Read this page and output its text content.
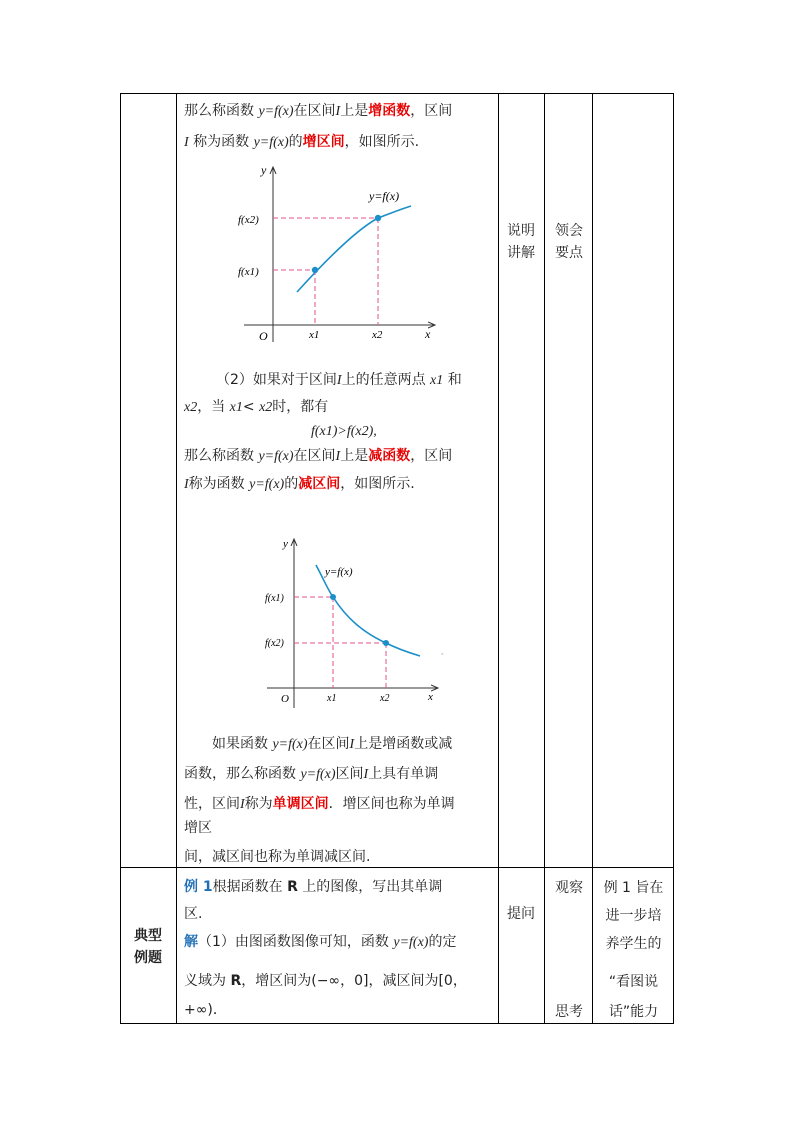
那么称函数 y=f(x)在区间I上是增函数，区间
I 称为函数 y=f(x)的增区间，如图所示.
说明
讲解
领会
要点
y
x
O
y=f(x)
f(x2)
f(x1)
x1	x2
（2）如果对于区间I上的任意两点 x1 和
x2，当 x1< x2时，都有
f(x1)>f(x2),
那么称函数 y=f(x)在区间I上是减函数，区间
I称为函数 y=f(x)的减区间，如图所示.
y
x
O
y=f(x)
f(x1)
f(x2)
x1	x2
◦
如果函数 y=f(x)在区间I上是增函数或减
函数，那么称函数 y=f(x)区间I上具有单调
性，区间I称为单调区间．增区间也称为单调
增区
间，减区间也称为单调减区间.
典型
例题
例 1根据函数在 R 上的图像，写出其单调
区.
解（1）由图函数图像可知，函数 y=f(x)的定
义域为 R，增区间为(−∞，0]，减区间为[0，
+∞)．
提问
观察
思考
例 1 旨在
进一步培
养学生的
“看图说
话”能力
